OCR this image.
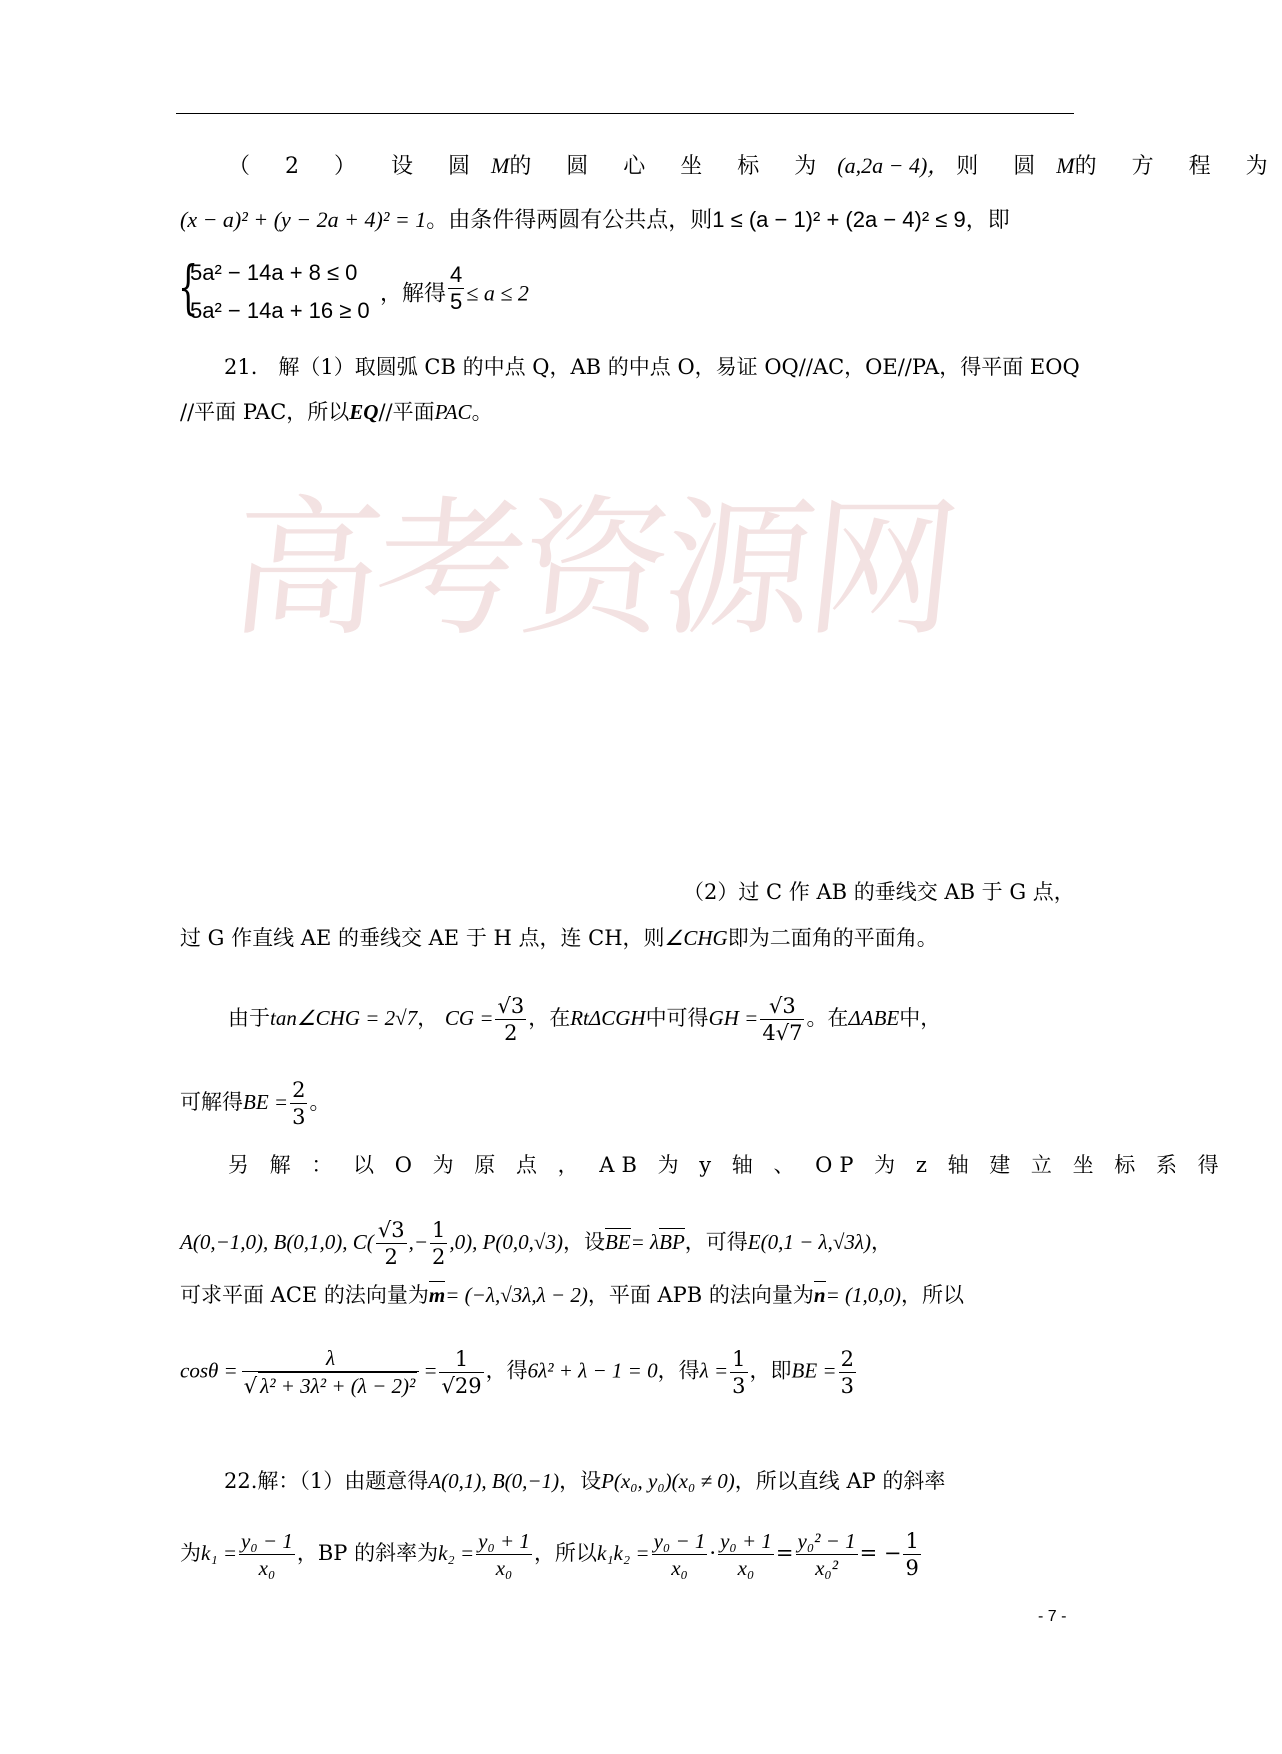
高考资源网
（ 2 ） 设 圆 M的 圆 心 坐 标 为 (a,2a − 4)， 则 圆 M的 方 程 为
(x − a)² + (y − 2a + 4)² = 1。由条件得两圆有公共点，则1 ≤ (a − 1)² + (2a − 4)² ≤ 9，即
{
5a² − 14a + 8 ≤ 0
5a² − 14a + 16 ≥ 0
，解得 $\frac{4}{5} \le a \le 2$
21.　解（1）取圆弧 CB 的中点 Q，AB 的中点 O，易证 OQ//AC，OE//PA，得平面 EOQ
//平面 PAC，所以EQ//平面PAC。
（2）过 C 作 AB 的垂线交 AB 于 G 点，
过 G 作直线 AE 的垂线交 AE 于 H 点，连 CH，则∠CHG即为二面角的平面角。
由于tan∠CHG = 2√7， CG = $\frac{√3}{2}$ ，在RtΔCGH中可得GH = $\frac{√3}{4√7}$ 。在ΔABE中，
可解得BE = $\frac{2}{3}$ 。
另 解 ： 以 O 为 原 点 ， AB 为 y 轴 、 OP 为 z 轴 建 立 坐 标 系 得
A(0,−1,0), B(0,1,0), $C( \frac{√3}{2}$ ,− $\frac{1}{2} ,0$), P(0,0,√3)，设BE= λBP，可得E(0,1 − λ,√3λ)，
可求平面 ACE 的法向量为m= (−λ,√3λ,λ − 2)，平面 APB 的法向量为n= (1,0,0)，所以
$\cos\theta = \frac{\lambda}{\text{√ λ² + 3λ² + (λ − 2)²}} = \frac{1}{√29}$ ，得6λ² + λ − 1 = 0，得$\lambda = \frac{1}{3}$ ，即BE = $\frac{2}{3}$
22.解：（1）由题意得A(0,1), B(0,−1)，设P(x₀, y₀)(x₀ ≠ 0)，所以直线 AP 的斜率
为$k_1 = \frac{\text{y₀ − 1}}{\text{x₀}}$ ，BP 的斜率为$k_2 = \frac{\text{y₀ + 1}}{\text{x₀}}$ ，所以$k_1k_2 = \frac{\text{y₀ − 1}}{\text{x₀}} \cdot \frac{\text{y₀ + 1}}{\text{x₀}} = \frac{\text{y₀² − 1}}{\text{x₀²}}$ = − $\frac{1}{9}$
- 7 -
